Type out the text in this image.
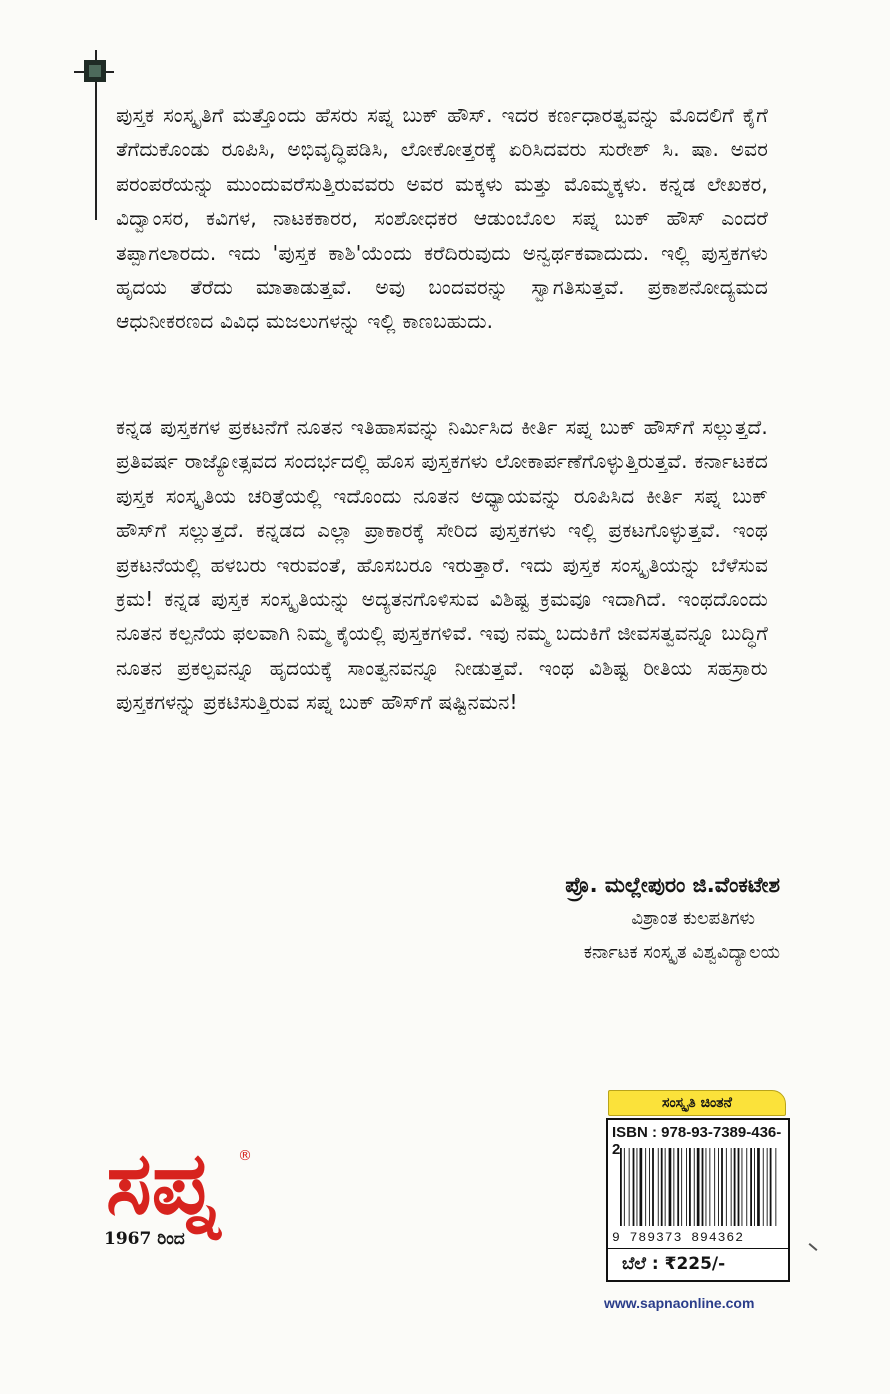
ಪುಸ್ತಕ ಸಂಸ್ಕೃತಿಗೆ ಮತ್ತೊಂದು ಹೆಸರು ಸಪ್ನ ಬುಕ್ ಹೌಸ್. ಇದರ ಕರ್ಣಧಾರತ್ವವನ್ನು ಮೊದಲಿಗೆ ಕೈಗೆ ತೆಗೆದುಕೊಂಡು ರೂಪಿಸಿ, ಅಭಿವೃದ್ಧಿಪಡಿಸಿ, ಲೋಕೋತ್ತರಕ್ಕೆ ಏರಿಸಿದವರು ಸುರೇಶ್ ಸಿ. ಷಾ. ಅವರ ಪರಂಪರೆಯನ್ನು ಮುಂದುವರೆಸುತ್ತಿರುವವರು ಅವರ ಮಕ್ಕಳು ಮತ್ತು ಮೊಮ್ಮಕ್ಕಳು. ಕನ್ನಡ ಲೇಖಕರ, ವಿದ್ವಾಂಸರ, ಕವಿಗಳ, ನಾಟಕಕಾರರ, ಸಂಶೋಧಕರ ಆಡುಂಬೊಲ ಸಪ್ನ ಬುಕ್ ಹೌಸ್ ಎಂದರೆ ತಪ್ಪಾಗಲಾರದು. ಇದು 'ಪುಸ್ತಕ ಕಾಶಿ'ಯೆಂದು ಕರೆದಿರುವುದು ಅನ್ವರ್ಥಕವಾದುದು. ಇಲ್ಲಿ ಪುಸ್ತಕಗಳು ಹೃದಯ ತೆರೆದು ಮಾತಾಡುತ್ತವೆ. ಅವು ಬಂದವರನ್ನು ಸ್ವಾಗತಿಸುತ್ತವೆ. ಪ್ರಕಾಶನೋದ್ಯಮದ ಆಧುನೀಕರಣದ ವಿವಿಧ ಮಜಲುಗಳನ್ನು ಇಲ್ಲಿ ಕಾಣಬಹುದು.
ಕನ್ನಡ ಪುಸ್ತಕಗಳ ಪ್ರಕಟನೆಗೆ ನೂತನ ಇತಿಹಾಸವನ್ನು ನಿರ್ಮಿಸಿದ ಕೀರ್ತಿ ಸಪ್ನ ಬುಕ್ ಹೌಸ್‌ಗೆ ಸಲ್ಲುತ್ತದೆ. ಪ್ರತಿವರ್ಷ ರಾಜ್ಯೋತ್ಸವದ ಸಂದರ್ಭದಲ್ಲಿ ಹೊಸ ಪುಸ್ತಕಗಳು ಲೋಕಾರ್ಪಣೆಗೊಳ್ಳುತ್ತಿರುತ್ತವೆ. ಕರ್ನಾಟಕದ ಪುಸ್ತಕ ಸಂಸ್ಕೃತಿಯ ಚರಿತ್ರೆಯಲ್ಲಿ ಇದೊಂದು ನೂತನ ಅಧ್ಯಾಯವನ್ನು ರೂಪಿಸಿದ ಕೀರ್ತಿ ಸಪ್ನ ಬುಕ್ ಹೌಸ್‌ಗೆ ಸಲ್ಲುತ್ತದೆ. ಕನ್ನಡದ ಎಲ್ಲಾ ಪ್ರಾಕಾರಕ್ಕೆ ಸೇರಿದ ಪುಸ್ತಕಗಳು ಇಲ್ಲಿ ಪ್ರಕಟಗೊಳ್ಳುತ್ತವೆ. ಇಂಥ ಪ್ರಕಟನೆಯಲ್ಲಿ ಹಳಬರು ಇರುವಂತೆ, ಹೊಸಬರೂ ಇರುತ್ತಾರೆ. ಇದು ಪುಸ್ತಕ ಸಂಸ್ಕೃತಿಯನ್ನು ಬೆಳೆಸುವ ಕ್ರಮ! ಕನ್ನಡ ಪುಸ್ತಕ ಸಂಸ್ಕೃತಿಯನ್ನು ಅದ್ಯತನಗೊಳಿಸುವ ವಿಶಿಷ್ಟ ಕ್ರಮವೂ ಇದಾಗಿದೆ. ಇಂಥದೊಂದು ನೂತನ ಕಲ್ಪನೆಯ ಫಲವಾಗಿ ನಿಮ್ಮ ಕೈಯಲ್ಲಿ ಪುಸ್ತಕಗಳಿವೆ. ಇವು ನಮ್ಮ ಬದುಕಿಗೆ ಜೀವಸತ್ವವನ್ನೂ ಬುದ್ಧಿಗೆ ನೂತನ ಪ್ರಕಲ್ಪವನ್ನೂ ಹೃದಯಕ್ಕೆ ಸಾಂತ್ವನವನ್ನೂ ನೀಡುತ್ತವೆ. ಇಂಥ ವಿಶಿಷ್ಟ ರೀತಿಯ ಸಹಸ್ರಾರು ಪುಸ್ತಕಗಳನ್ನು ಪ್ರಕಟಿಸುತ್ತಿರುವ ಸಪ್ನ ಬುಕ್ ಹೌಸ್‌ಗೆ ಷಷ್ಟಿನಮನ!
ಪ್ರೊ. ಮಲ್ಲೇಪುರಂ ಜಿ.ವೆಂಕಟೇಶ
ವಿಶ್ರಾಂತ ಕುಲಪತಿಗಳು
ಕರ್ನಾಟಕ ಸಂಸ್ಕೃತ ವಿಶ್ವವಿದ್ಯಾಲಯ
ಸಪ್ನ ®
1967 ರಿಂದ
ಸಂಸ್ಕೃತಿ ಚಿಂತನೆ
ISBN : 978-93-7389-436-2
9 789373 894362
ಬೆಲೆ : ₹225/-
www.sapnaonline.com
